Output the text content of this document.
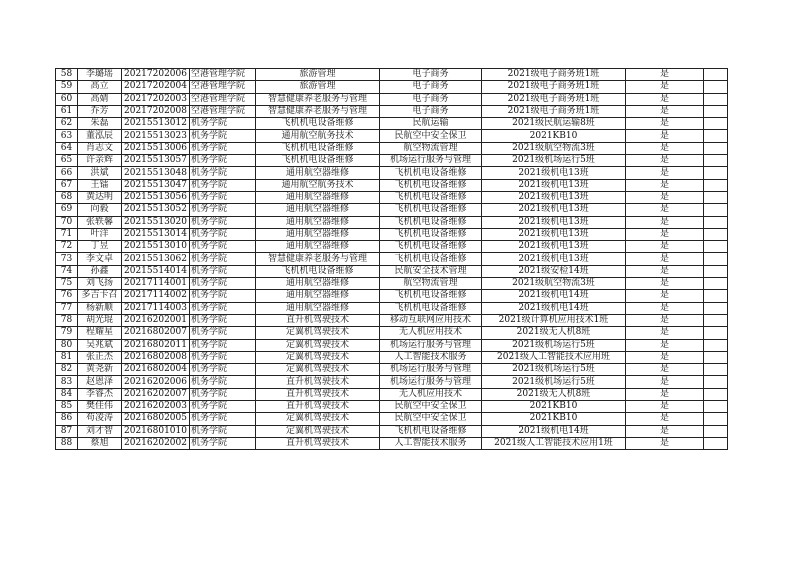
58	李璐瑶	20217202006	空港管理学院	旅游管理	电子商务	2021级电子商务班1班	是	
59	高立	20217202004	空港管理学院	旅游管理	电子商务	2021级电子商务班1班	是	
60	高婧	20217202003	空港管理学院	智慧健康养老服务与管理	电子商务	2021级电子商务班1班	是	
61	乔芳	20217202008	空港管理学院	智慧健康养老服务与管理	电子商务	2021级电子商务班1班	是	
62	朱磊	20215513012	机务学院	飞机机电设备维修	民航运输	2021级民航运输8班	是	
63	董泓辰	20215513023	机务学院	通用航空航务技术	民航空中安全保卫	2021KB10	是	
64	肖志文	20215513006	机务学院	飞机机电设备维修	航空物流管理	2021级航空物流3班	是	
65	许亲辉	20215513057	机务学院	飞机机电设备维修	机场运行服务与管理	2021级机场运行5班	是	
66	洪斌	20215513048	机务学院	通用航空器维修	飞机机电设备维修	2021级机电13班	是	
67	王镭	20215513047	机务学院	通用航空航务技术	飞机机电设备维修	2021级机电13班	是	
68	黄达明	20215513056	机务学院	通用航空器维修	飞机机电设备维修	2021级机电13班	是	
69	向毅	20215513052	机务学院	通用航空器维修	飞机机电设备维修	2021级机电13班	是	
70	张轶馨	20215513020	机务学院	通用航空器维修	飞机机电设备维修	2021级机电13班	是	
71	叶洋	20215513014	机务学院	通用航空器维修	飞机机电设备维修	2021级机电13班	是	
72	丁昱	20215513010	机务学院	通用航空器维修	飞机机电设备维修	2021级机电13班	是	
73	李文卓	20215513062	机务学院	智慧健康养老服务与管理	飞机机电设备维修	2021级机电13班	是	
74	孙鑫	20215514014	机务学院	飞机机电设备维修	民航安全技术管理	2021级安检14班	是	
75	刘飞扬	20217114001	机务学院	通用航空器维修	航空物流管理	2021级航空物流3班	是	
76	多吉卡召	20217114002	机务学院	通用航空器维修	飞机机电设备维修	2021级机电14班	是	
77	杨新顺	20217114003	机务学院	通用航空器维修	飞机机电设备维修	2021级机电14班	是	
78	胡光琨	20216202001	机务学院	直升机驾驶技术	移动互联网应用技术	2021级计算机应用技术1班	是	
79	程耀星	20216802007	机务学院	定翼机驾驶技术	无人机应用技术	2021级无人机8班	是	
80	吴兆斌	20216802011	机务学院	定翼机驾驶技术	机场运行服务与管理	2021级机场运行5班	是	
81	张正杰	20216802008	机务学院	定翼机驾驶技术	人工智能技术服务	2021级人工智能技术应用班	是	
82	黄尧新	20216802004	机务学院	定翼机驾驶技术	机场运行服务与管理	2021级机场运行5班	是	
83	赵恩泽	20216202006	机务学院	直升机驾驶技术	机场运行服务与管理	2021级机场运行5班	是	
84	李睿杰	20216202007	机务学院	直升机驾驶技术	无人机应用技术	2021级无人机8班	是	
85	樊佳伟	20216202003	机务学院	直升机驾驶技术	民航空中安全保卫	2021KB10	是	
86	苟凌涛	20216802005	机务学院	定翼机驾驶技术	民航空中安全保卫	2021KB10	是	
87	刘才智	20216801010	机务学院	定翼机驾驶技术	飞机机电设备维修	2021级机电14班	是	
88	蔡旭	20216202002	机务学院	直升机驾驶技术	人工智能技术服务	2021级人工智能技术应用1班	是	
